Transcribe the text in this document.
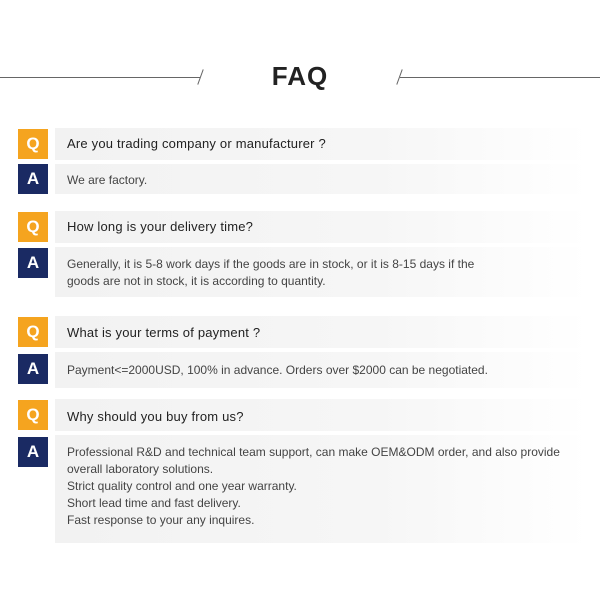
FAQ
Q
A
Are you trading company or manufacturer ?
We are factory.
Q
A
How long is your delivery time?
Generally, it is 5-8 work days if the goods are in stock, or it is 8-15 days if the
goods are not in stock, it is according to quantity.
Q
A
What is your terms of payment ?
Payment<=2000USD, 100% in advance. Orders over $2000 can be negotiated.
Q
A
Why should you buy from us?
Professional R&D and technical team support, can make OEM&ODM order, and also provide
overall laboratory solutions.
Strict quality control and one year warranty.
Short lead time and fast delivery.
Fast response to your any inquires.
